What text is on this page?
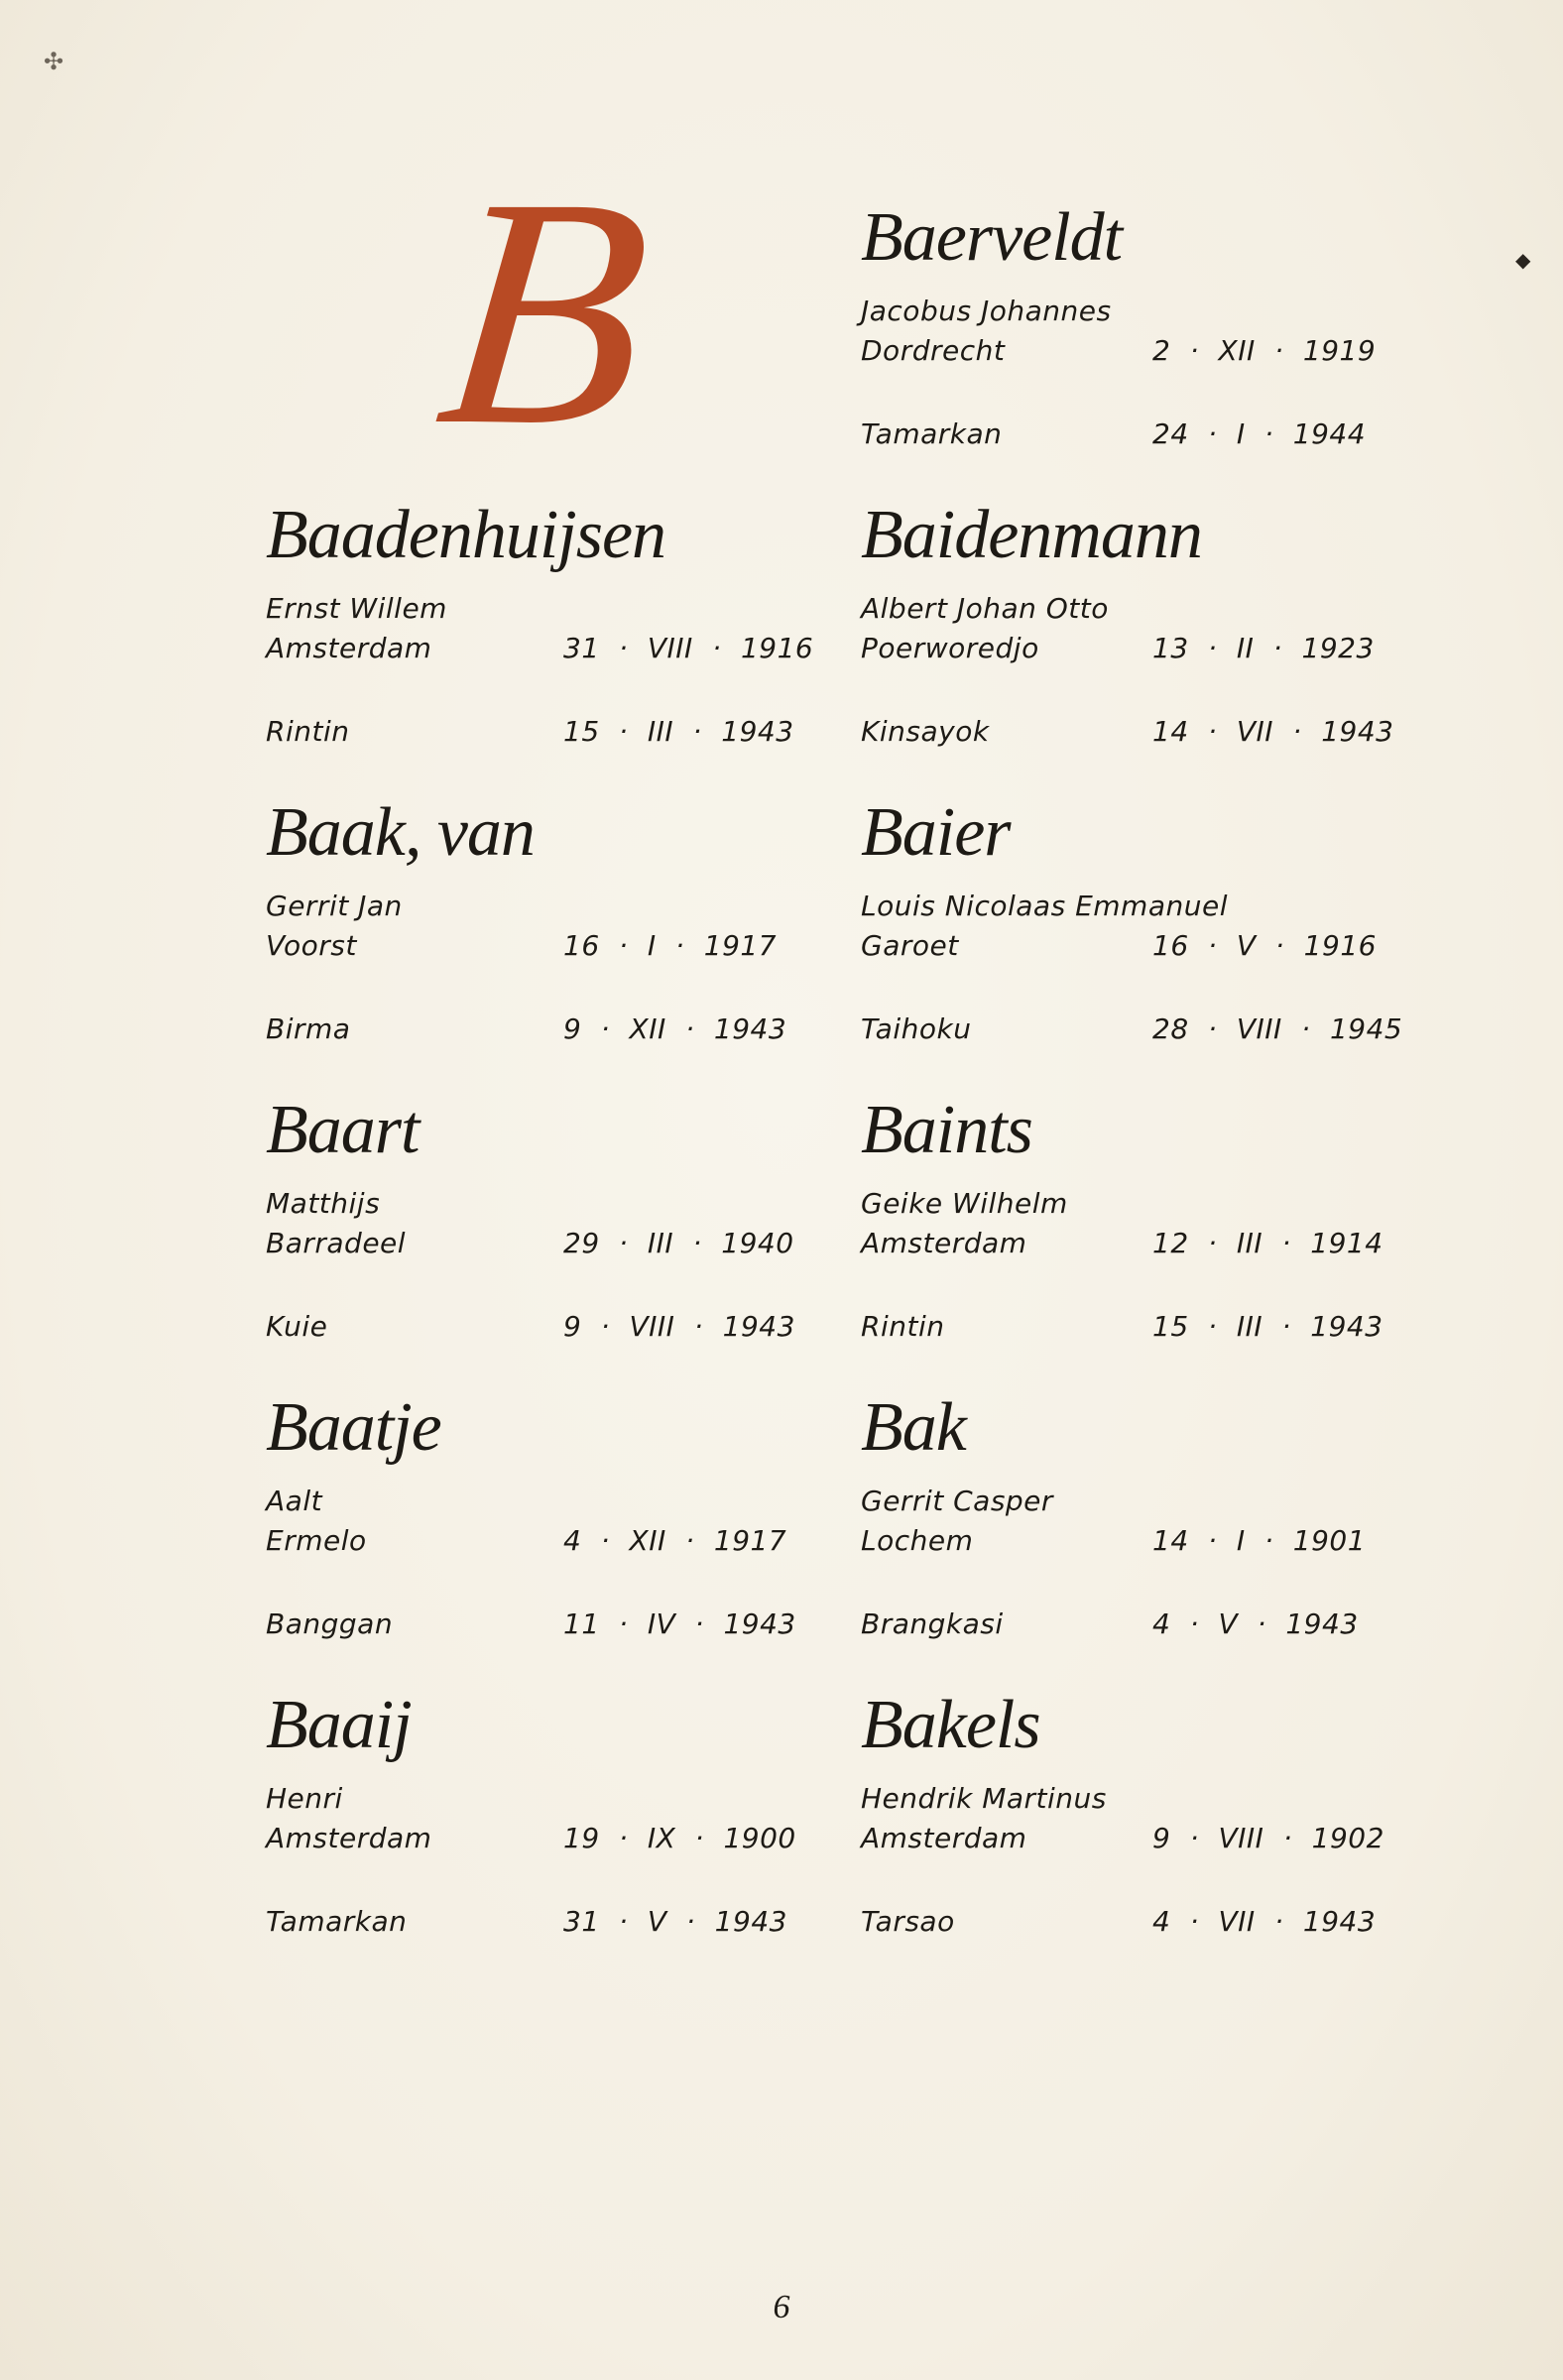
✣
◆
B
Baadenhuijsen
Ernst Willem
Amsterdam	31 · VIII · 1916
Rintin	15 · III · 1943
Baak, van
Gerrit Jan
Voorst	16 · I · 1917
Birma	9 · XII · 1943
Baart
Matthijs
Barradeel	29 · III · 1940
Kuie	9 · VIII · 1943
Baatje
Aalt
Ermelo	4 · XII · 1917
Banggan	11 · IV · 1943
Baaij
Henri
Amsterdam	19 · IX · 1900
Tamarkan	31 · V · 1943
Baerveldt
Jacobus Johannes
Dordrecht	2 · XII · 1919
Tamarkan	24 · I · 1944
Baidenmann
Albert Johan Otto
Poerworedjo	13 · II · 1923
Kinsayok	14 · VII · 1943
Baier
Louis Nicolaas Emmanuel
Garoet	16 · V · 1916
Taihoku	28 · VIII · 1945
Baints
Geike Wilhelm
Amsterdam	12 · III · 1914
Rintin	15 · III · 1943
Bak
Gerrit Casper
Lochem	14 · I · 1901
Brangkasi	4 · V · 1943
Bakels
Hendrik Martinus
Amsterdam	9 · VIII · 1902
Tarsao	4 · VII · 1943
6
